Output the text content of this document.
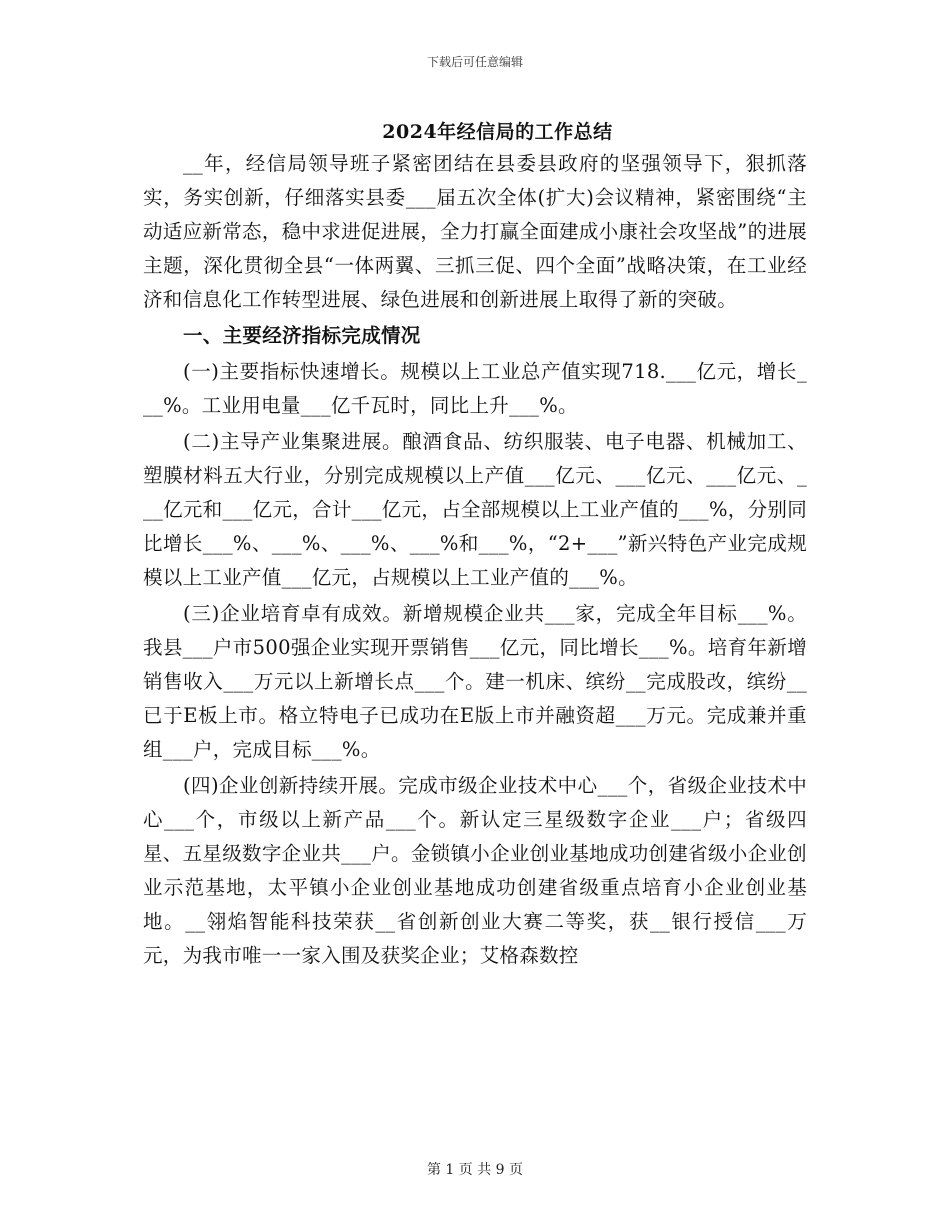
下载后可任意编辑
2024年经信局的工作总结

__年，经信局领导班子紧密团结在县委县政府的坚强领导下，狠抓落实，务实创新，仔细落实县委___届五次全体(扩大)会议精神，紧密围绕“主动适应新常态，稳中求进促进展，全力打赢全面建成小康社会攻坚战”的进展主题，深化贯彻全县“一体两翼、三抓三促、四个全面”战略决策，在工业经济和信息化工作转型进展、绿色进展和创新进展上取得了新的突破。

一、主要经济指标完成情况

(一)主要指标快速增长。规模以上工业总产值实现718.___亿元，增长___%。工业用电量___亿千瓦时，同比上升___%。

(二)主导产业集聚进展。酿酒食品、纺织服装、电子电器、机械加工、塑膜材料五大行业，分别完成规模以上产值___亿元、___亿元、___亿元、___亿元和___亿元，合计___亿元，占全部规模以上工业产值的___%，分别同比增长___%、___%、___%、___%和___%，“2+___”新兴特色产业完成规模以上工业产值___亿元，占规模以上工业产值的___%。

(三)企业培育卓有成效。新增规模企业共___家，完成全年目标___%。我县___户市500强企业实现开票销售___亿元，同比增长___%。培育年新增销售收入___万元以上新增长点___个。建一机床、缤纷__完成股改，缤纷__已于E板上市。格立特电子已成功在E版上市并融资超___万元。完成兼并重组___户，完成目标___%。

(四)企业创新持续开展。完成市级企业技术中心___个，省级企业技术中心___个，市级以上新产品___个。新认定三星级数字企业___户；省级四星、五星级数字企业共___户。金锁镇小企业创业基地成功创建省级小企业创业示范基地，太平镇小企业创业基地成功创建省级重点培育小企业创业基地。__翎焰智能科技荣获__省创新创业大赛二等奖，获__银行授信___万元，为我市唯一一家入围及获奖企业；艾格森数控

第 1 页 共 9 页
